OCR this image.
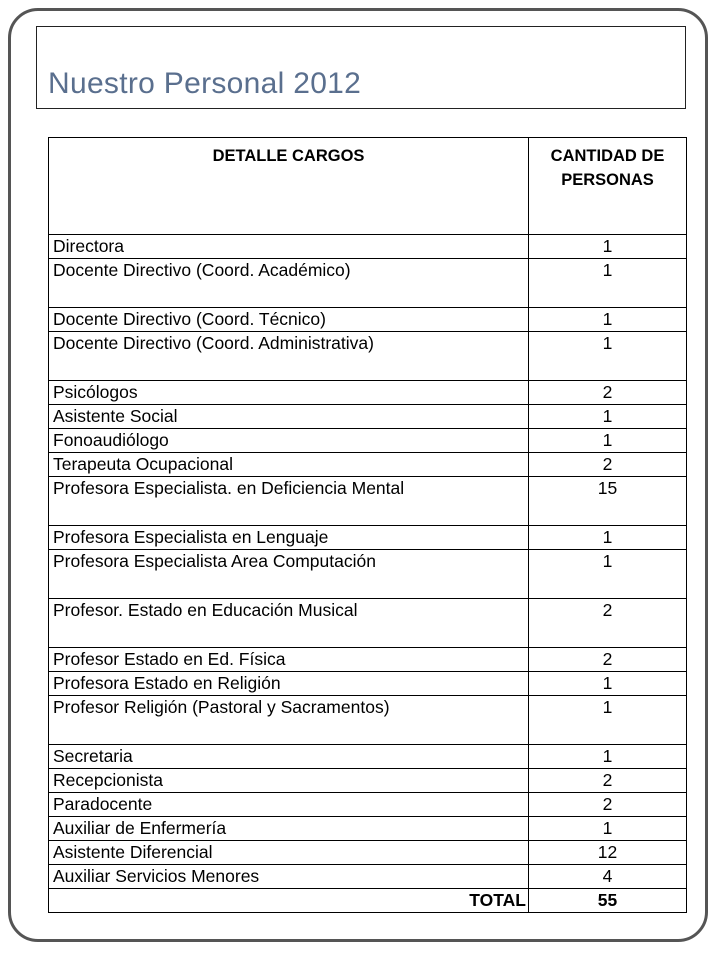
Nuestro Personal 2012
DETALLE CARGOS	CANTIDAD DE PERSONAS
Directora	1
Docente Directivo (Coord. Académico)	1
Docente Directivo (Coord. Técnico)	1
Docente Directivo (Coord. Administrativa)	1
Psicólogos	2
Asistente Social	1
Fonoaudiólogo	1
Terapeuta Ocupacional	2
Profesora Especialista. en Deficiencia Mental	15
Profesora Especialista en Lenguaje	1
Profesora Especialista Area Computación	1
Profesor. Estado en Educación Musical	2
Profesor Estado en Ed. Física	2
Profesora Estado en Religión	1
Profesor Religión (Pastoral y Sacramentos)	1
Secretaria	1
Recepcionista	2
Paradocente	2
Auxiliar de Enfermería	1
Asistente Diferencial	12
Auxiliar Servicios Menores	4
TOTAL	55
